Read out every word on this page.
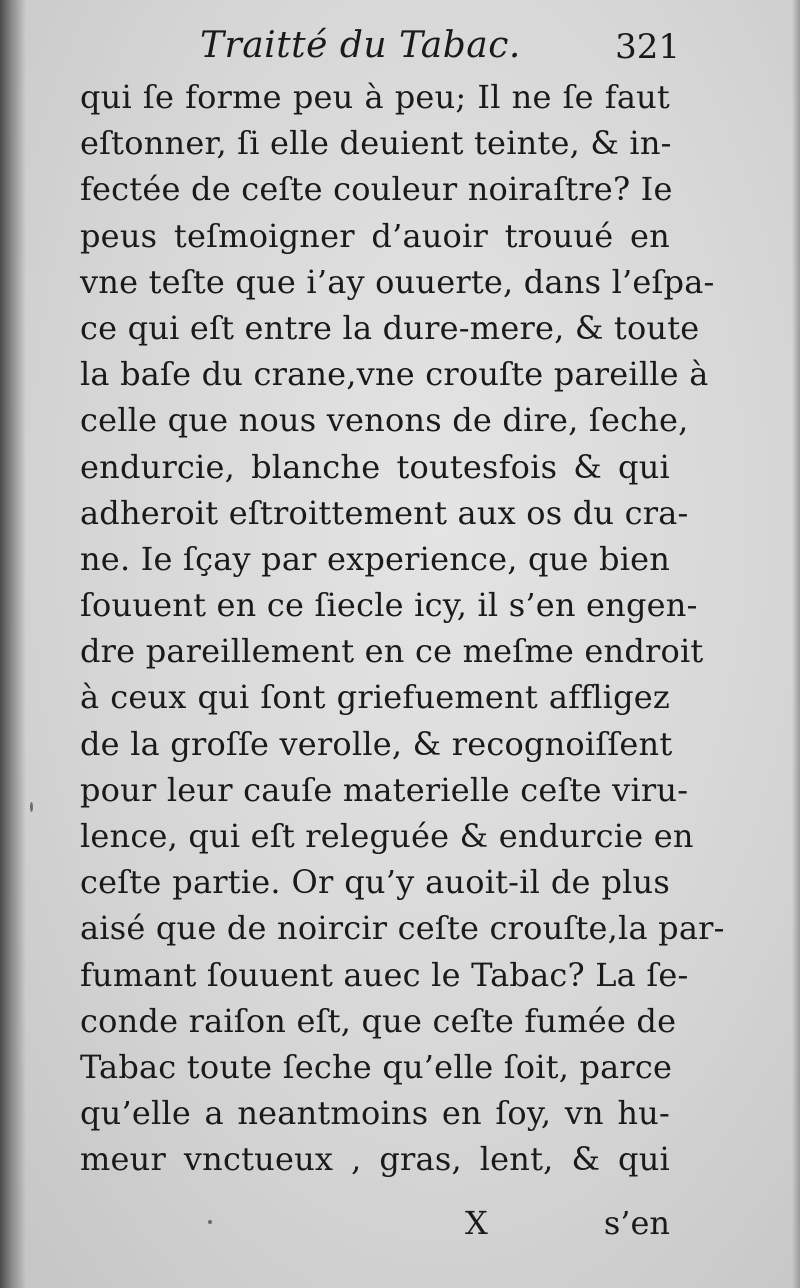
Traitté du Tabac.	321
qui ſe forme peu à peu; Il ne ſe faut
eſtonner, ſi elle deuient teinte, & in-
fectée de ceſte couleur noiraſtre? Ie
peus teſmoigner d’auoir trouué en
vne teſte que i’ay ouuerte, dans l’eſpa-
ce qui eſt entre la dure-mere, & toute
la baſe du crane,vne crouſte pareille à
celle que nous venons de dire, ſeche,
endurcie, blanche toutesfois & qui
adheroit eſtroittement aux os du cra-
ne. Ie ſçay par experience, que bien
ſouuent en ce ſiecle icy, il s’en engen-
dre pareillement en ce meſme endroit
à ceux qui ſont griefuement affligez
de la groſſe verolle, & recognoiſſent
pour leur cauſe materielle ceſte viru-
lence, qui eſt releguée & endurcie en
ceſte partie. Or qu’y auoit-il de plus
aisé que de noircir ceſte crouſte,la par-
fumant ſouuent auec le Tabac? La ſe-
conde raiſon eſt, que ceſte fumée de
Tabac toute ſeche qu’elle ſoit, parce
qu’elle a neantmoins en ſoy, vn hu-
meur vnctueux , gras, lent, & qui
X	s’en
